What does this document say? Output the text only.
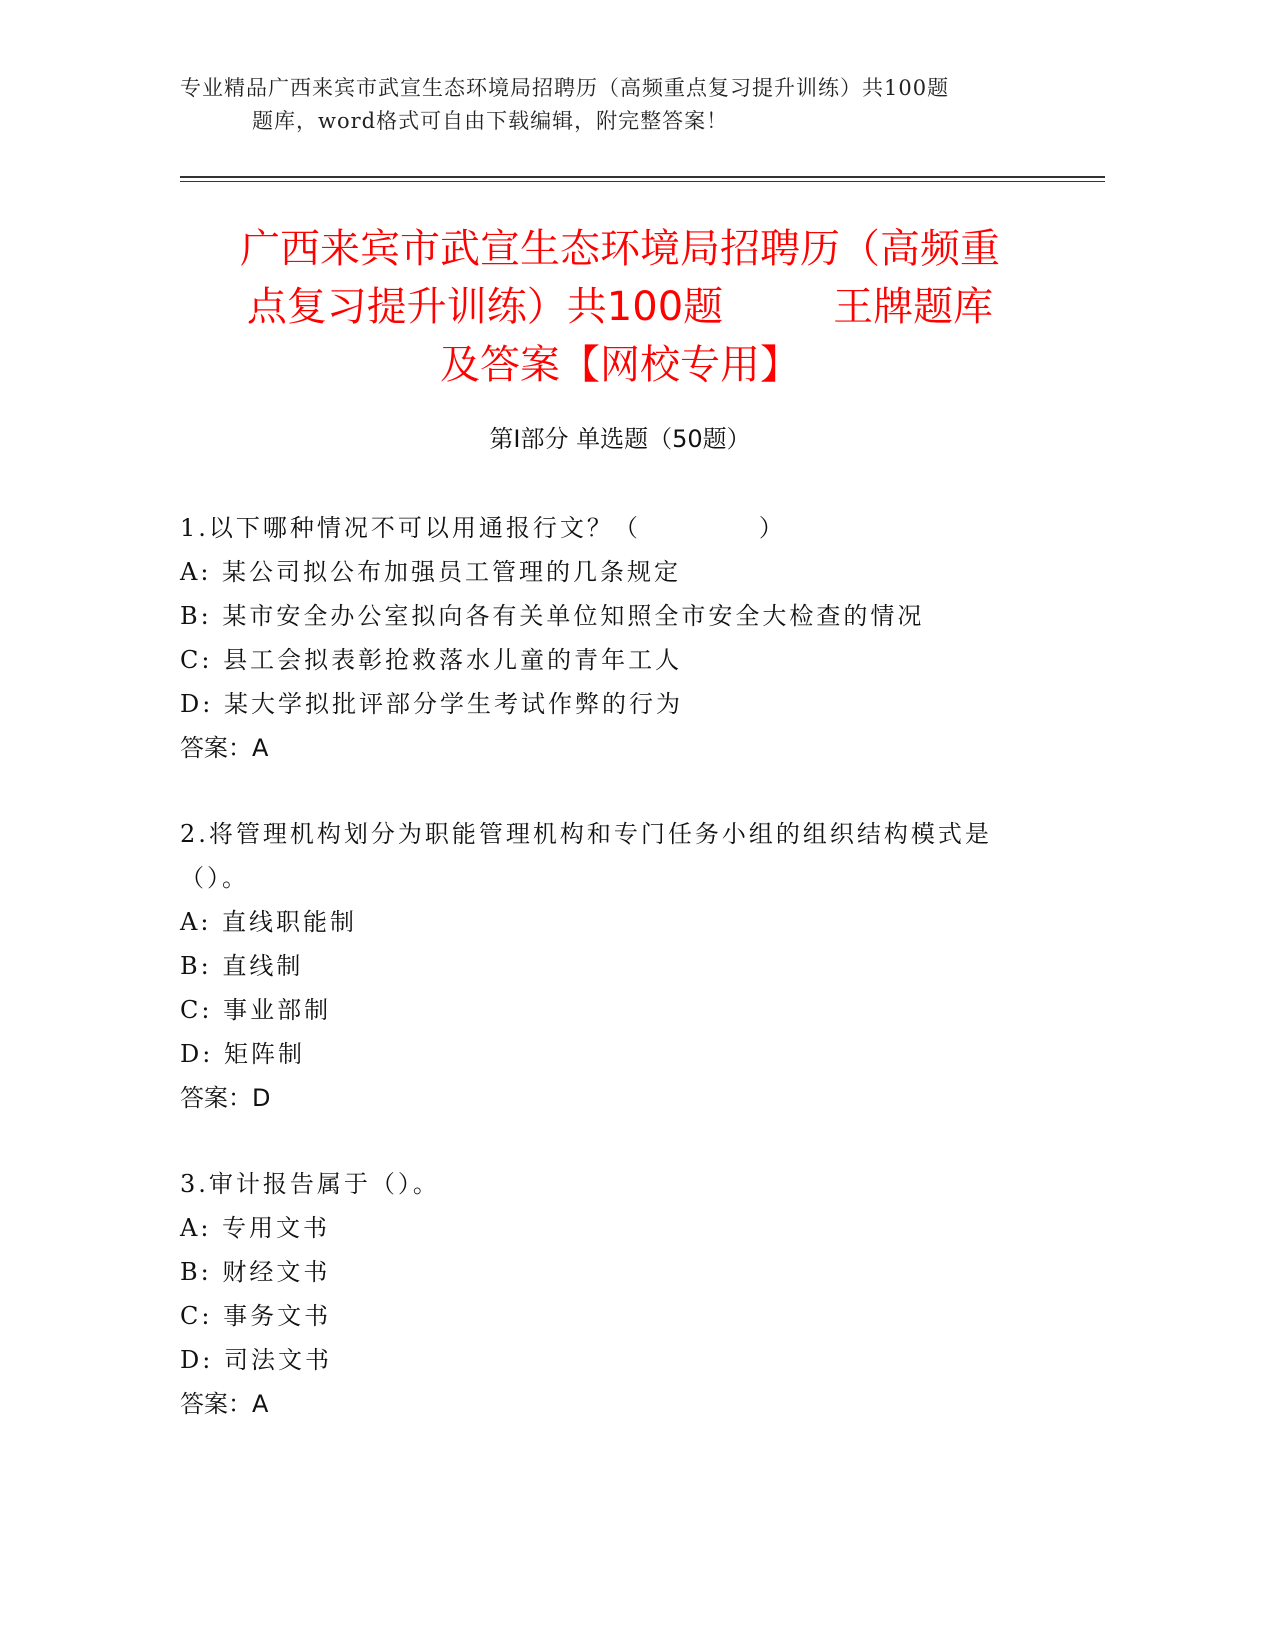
专业精品广西来宾市武宣生态环境局招聘历（高频重点复习提升训练）共100题
题库，word格式可自由下载编辑，附完整答案！
广西来宾市武宣生态环境局招聘历（高频重
点复习提升训练）共100题	王牌题库
及答案【网校专用】
第I部分 单选题（50题）
1.以下哪种情况不可以用通报行文？（	）
A: 某公司拟公布加强员工管理的几条规定
B: 某市安全办公室拟向各有关单位知照全市安全大检查的情况
C: 县工会拟表彰抢救落水儿童的青年工人
D: 某大学拟批评部分学生考试作弊的行为
答案：A
2.将管理机构划分为职能管理机构和专门任务小组的组织结构模式是
（）。
A: 直线职能制
B: 直线制
C: 事业部制
D: 矩阵制
答案：D
3.审计报告属于（）。
A: 专用文书
B: 财经文书
C: 事务文书
D: 司法文书
答案：A
